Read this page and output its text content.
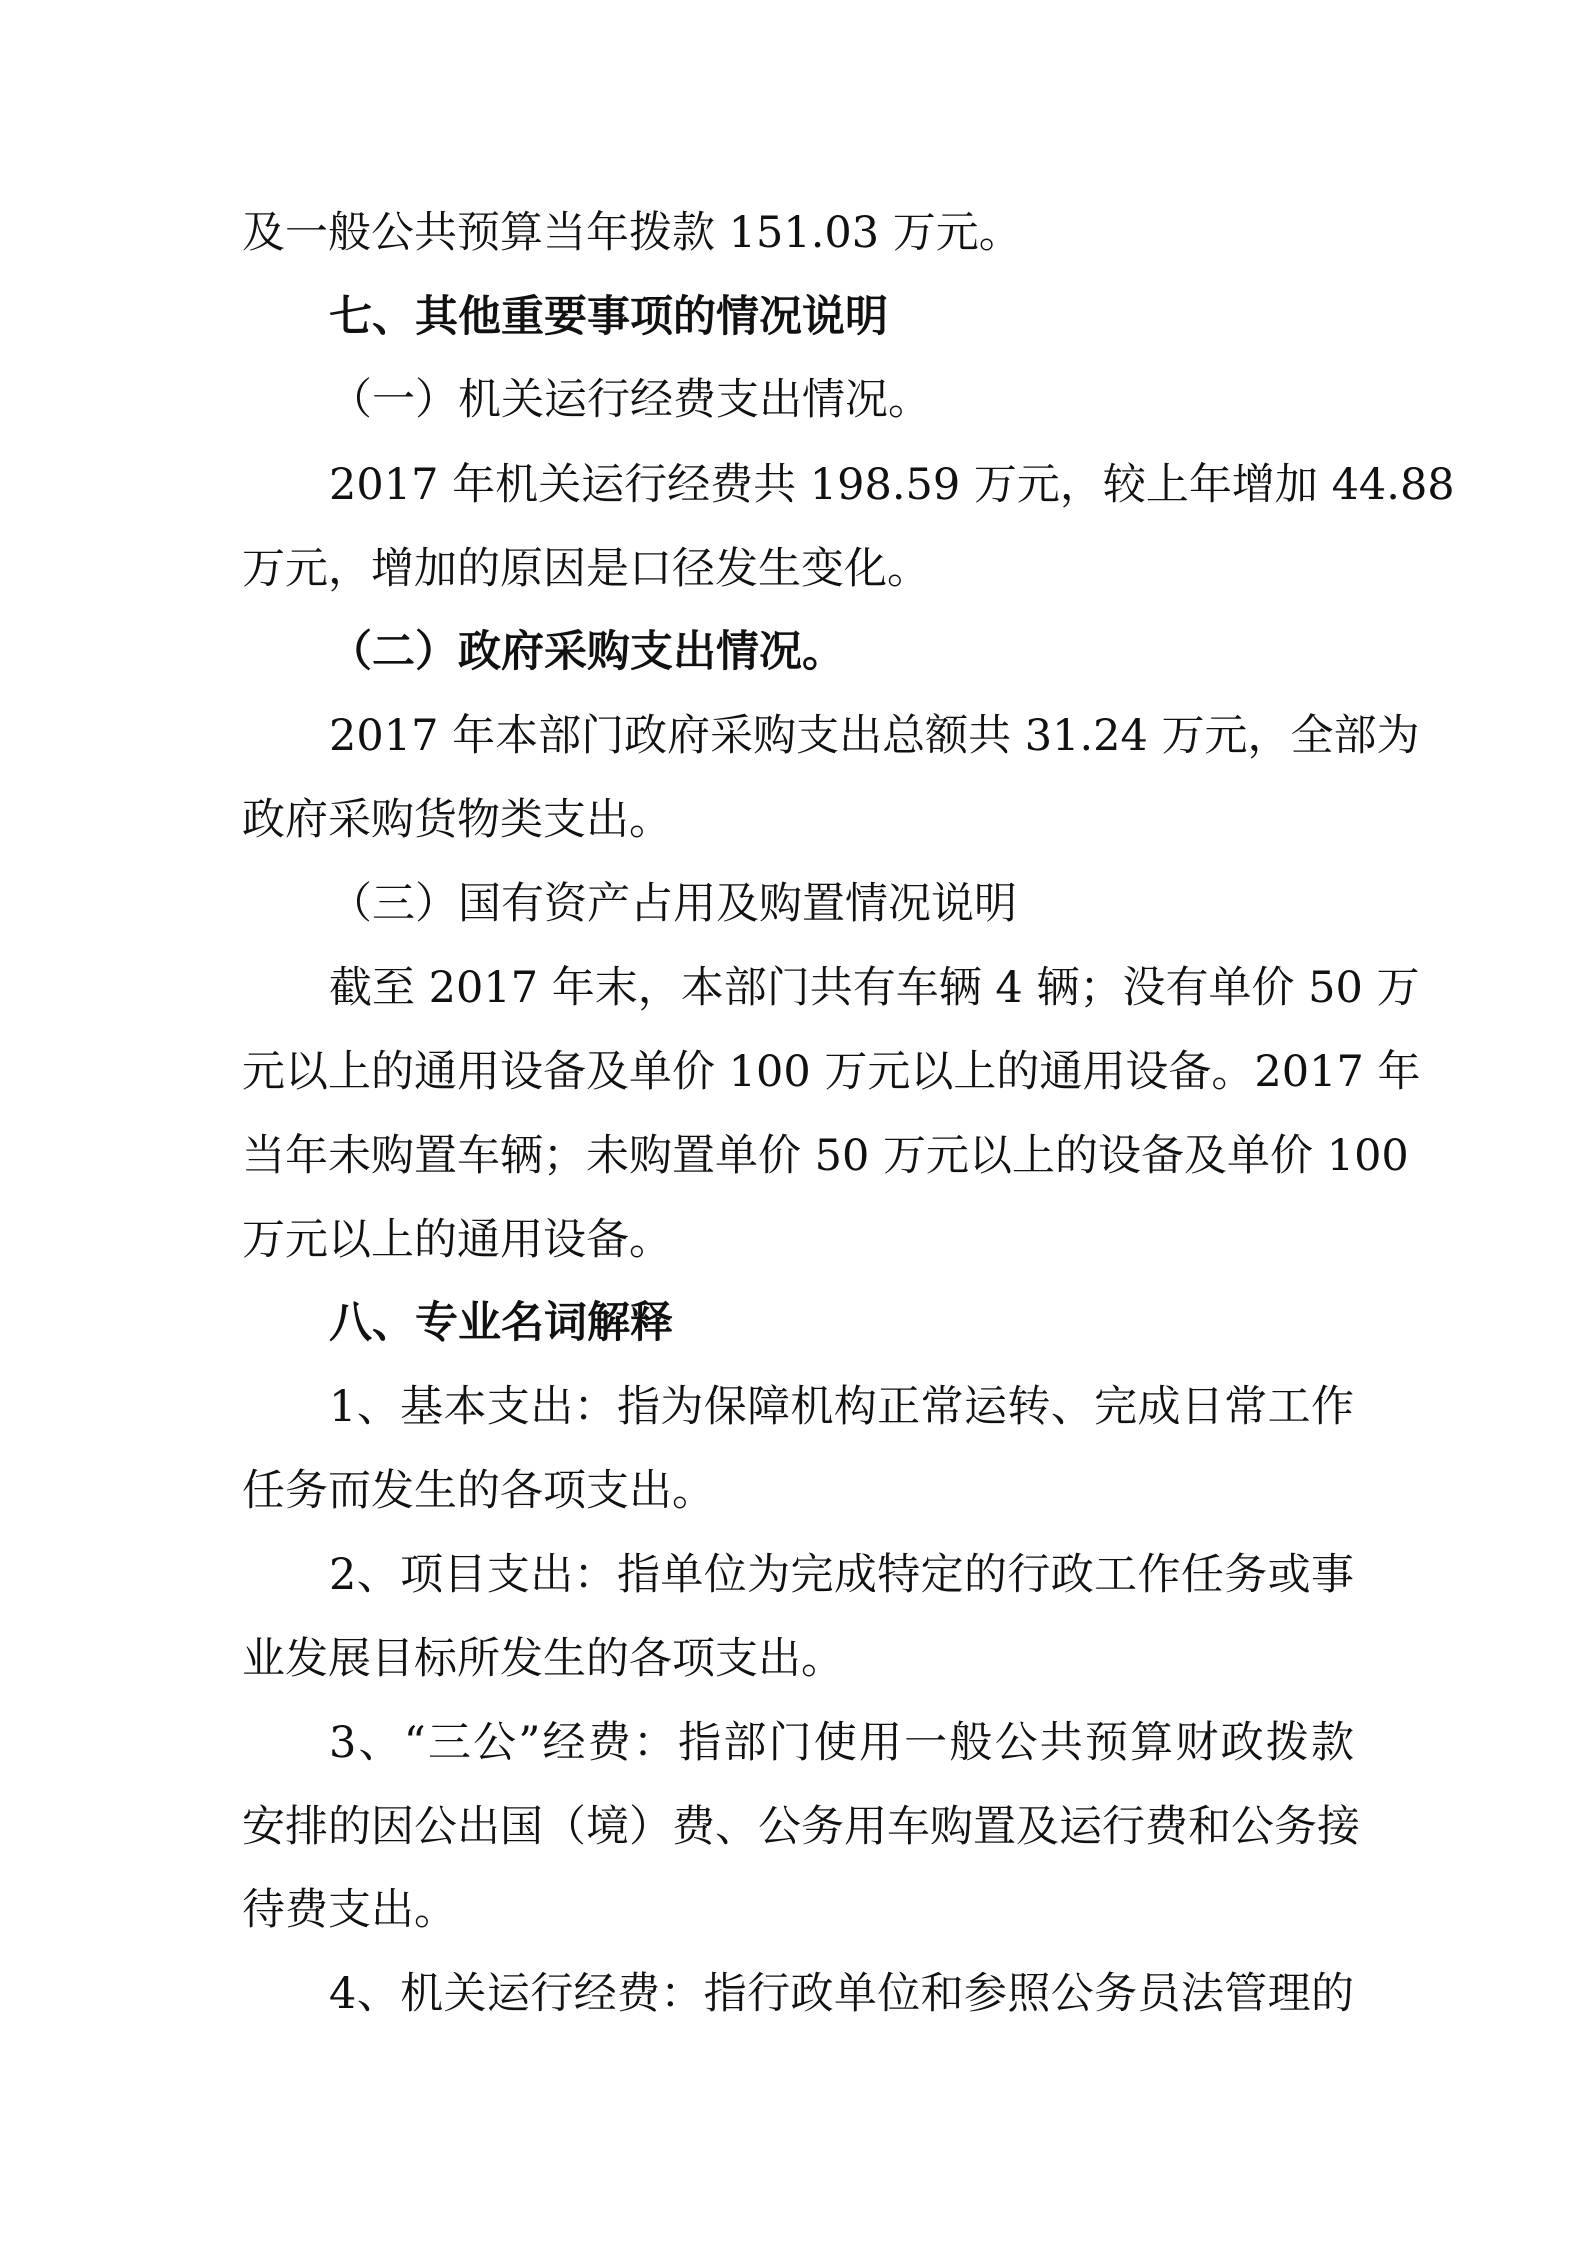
及一般公共预算当年拨款 151.03 万元。
七、其他重要事项的情况说明
（一）机关运行经费支出情况。
2017 年机关运行经费共 198.59 万元，较上年增加 44.88
万元，增加的原因是口径发生变化。
（二）政府采购支出情况。
2017 年本部门政府采购支出总额共 31.24 万元，全部为
政府采购货物类支出。
（三）国有资产占用及购置情况说明
截至 2017 年末，本部门共有车辆 4 辆；没有单价 50 万
元以上的通用设备及单价 100 万元以上的通用设备。2017 年
当年未购置车辆；未购置单价 50 万元以上的设备及单价 100
万元以上的通用设备。
八、专业名词解释
1、基本支出：指为保障机构正常运转、完成日常工作
任务而发生的各项支出。
2、项目支出：指单位为完成特定的行政工作任务或事
业发展目标所发生的各项支出。
3、“三公”经费：指部门使用一般公共预算财政拨款
安排的因公出国（境）费、公务用车购置及运行费和公务接
待费支出。
4、机关运行经费：指行政单位和参照公务员法管理的
